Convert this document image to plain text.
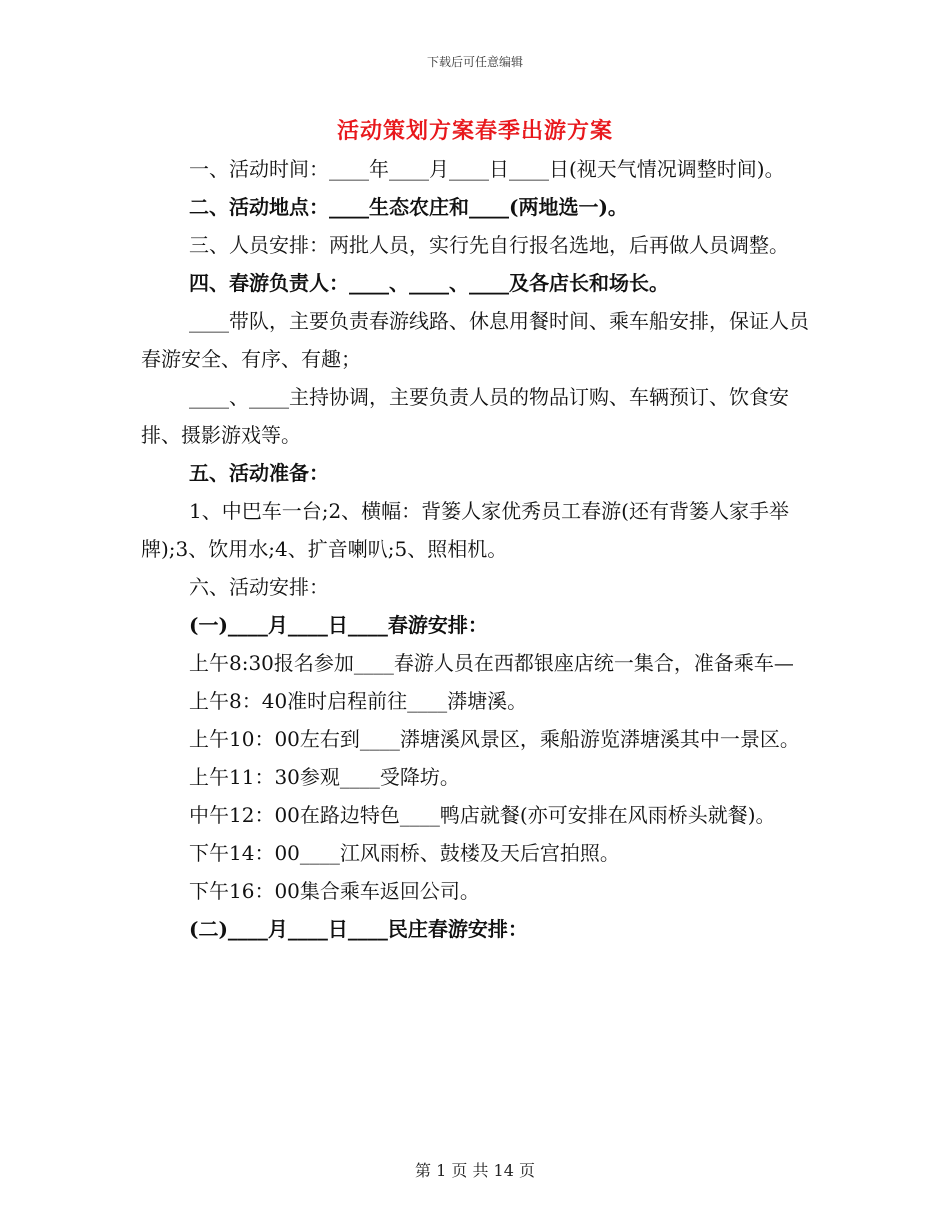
下载后可任意编辑
活动策划方案春季出游方案

一、活动时间：____年____月____日____日(视天气情况调整时间)。

二、活动地点：____生态农庄和____(两地选一)。

三、人员安排：两批人员，实行先自行报名选地，后再做人员调整。

四、春游负责人：____、____、____及各店长和场长。

____带队，主要负责春游线路、休息用餐时间、乘车船安排，保证人员春游安全、有序、有趣；

____、____主持协调，主要负责人员的物品订购、车辆预订、饮食安排、摄影游戏等。

五、活动准备：

1、中巴车一台;2、横幅：背篓人家优秀员工春游(还有背篓人家手举牌);3、饮用水;4、扩音喇叭;5、照相机。

六、活动安排：

(一)____月____日____春游安排：

上午8:30报名参加____春游人员在西都银座店统一集合，准备乘车—

上午8：40准时启程前往____漭塘溪。

上午10：00左右到____漭塘溪风景区，乘船游览漭塘溪其中一景区。

上午11：30参观____受降坊。

中午12：00在路边特色____鸭店就餐(亦可安排在风雨桥头就餐)。

下午14：00____江风雨桥、鼓楼及天后宫拍照。

下午16：00集合乘车返回公司。

(二)____月____日____民庄春游安排：

第 1 页 共 14 页
